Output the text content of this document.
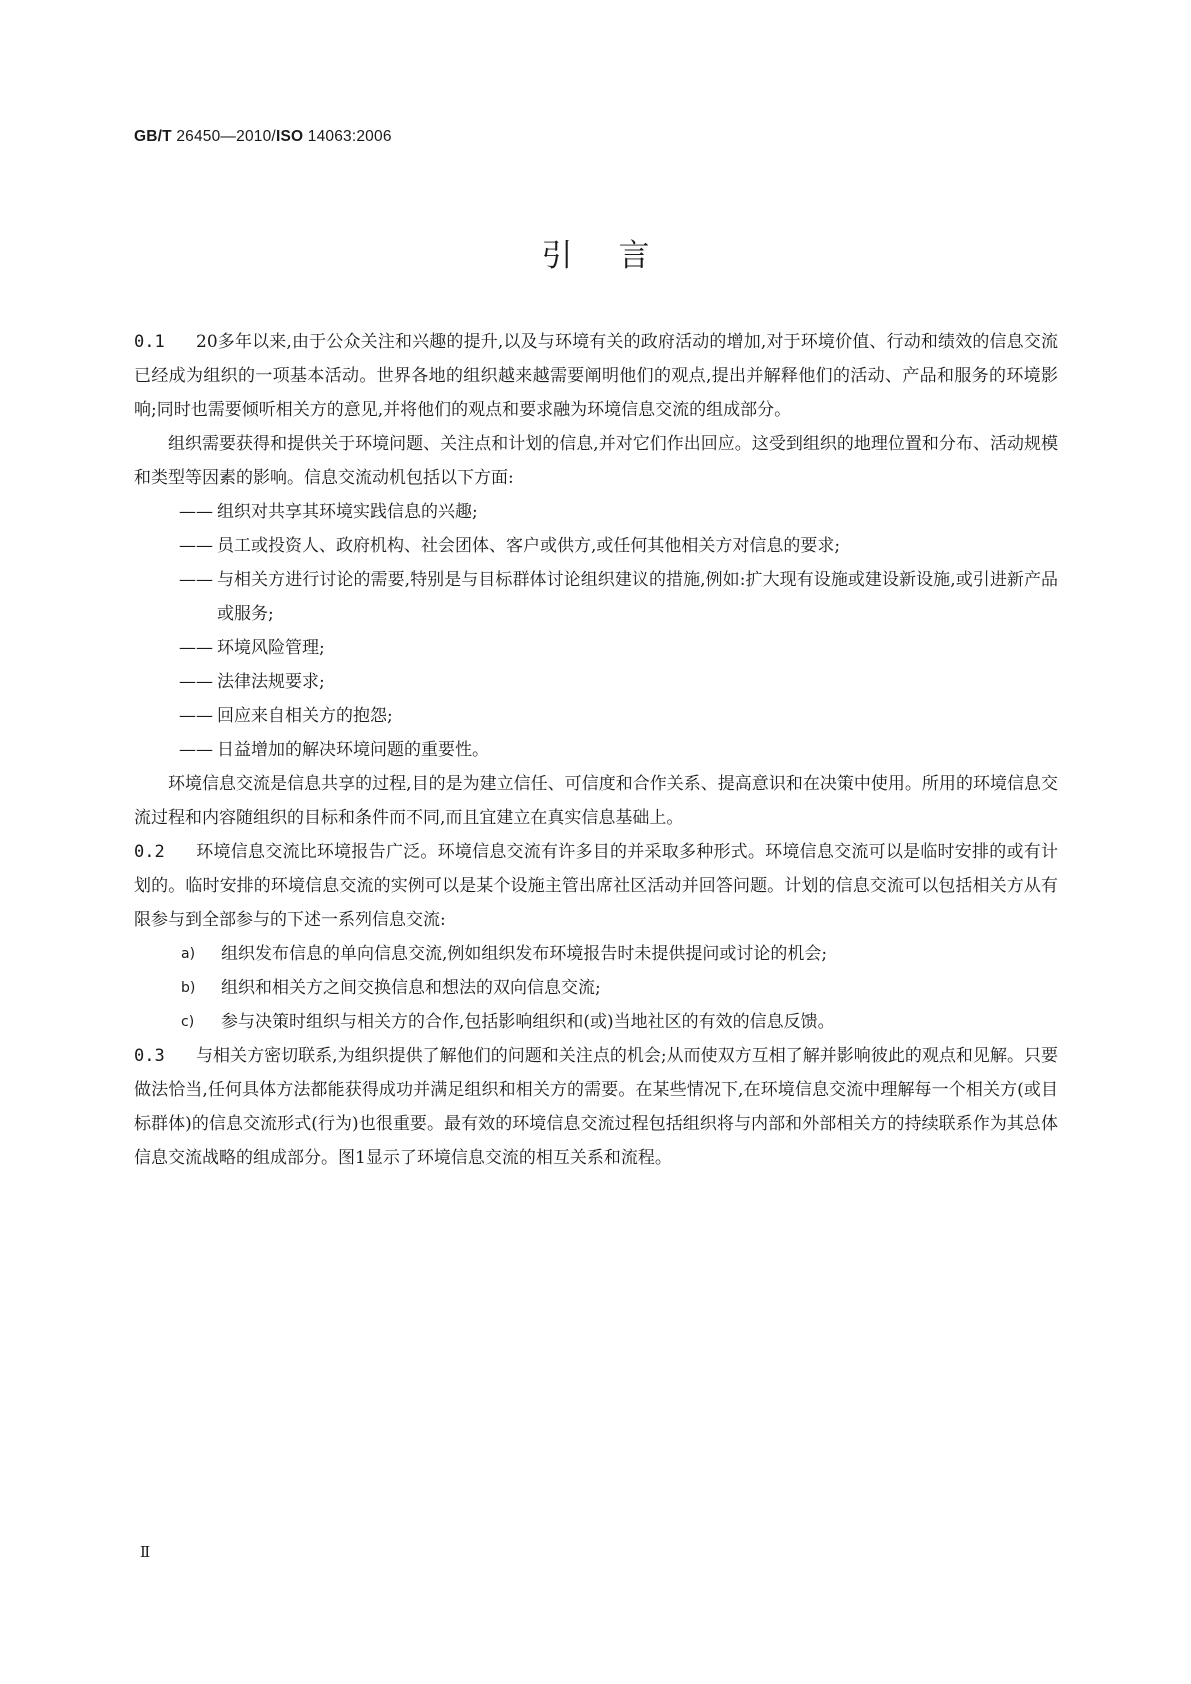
GB/T 26450—2010/ISO 14063:2006
引言

0.1 20多年以来,由于公众关注和兴趣的提升,以及与环境有关的政府活动的增加,对于环境价值、行动和绩效的信息交流已经成为组织的一项基本活动。世界各地的组织越来越需要阐明他们的观点,提出并解释他们的活动、产品和服务的环境影响;同时也需要倾听相关方的意见,并将他们的观点和要求融为环境信息交流的组成部分。

组织需要获得和提供关于环境问题、关注点和计划的信息,并对它们作出回应。这受到组织的地理位置和分布、活动规模和类型等因素的影响。信息交流动机包括以下方面:

—— 组织对共享其环境实践信息的兴趣;
—— 员工或投资人、政府机构、社会团体、客户或供方,或任何其他相关方对信息的要求;
—— 与相关方进行讨论的需要,特别是与目标群体讨论组织建议的措施,例如:扩大现有设施或建设新设施,或引进新产品或服务;
—— 环境风险管理;
—— 法律法规要求;
—— 回应来自相关方的抱怨;
—— 日益增加的解决环境问题的重要性。

环境信息交流是信息共享的过程,目的是为建立信任、可信度和合作关系、提高意识和在决策中使用。所用的环境信息交流过程和内容随组织的目标和条件而不同,而且宜建立在真实信息基础上。

0.2 环境信息交流比环境报告广泛。环境信息交流有许多目的并采取多种形式。环境信息交流可以是临时安排的或有计划的。临时安排的环境信息交流的实例可以是某个设施主管出席社区活动并回答问题。计划的信息交流可以包括相关方从有限参与到全部参与的下述一系列信息交流:

a)	组织发布信息的单向信息交流,例如组织发布环境报告时未提供提问或讨论的机会;
b)	组织和相关方之间交换信息和想法的双向信息交流;
c)	参与决策时组织与相关方的合作,包括影响组织和(或)当地社区的有效的信息反馈。

0.3 与相关方密切联系,为组织提供了解他们的问题和关注点的机会;从而使双方互相了解并影响彼此的观点和见解。只要做法恰当,任何具体方法都能获得成功并满足组织和相关方的需要。在某些情况下,在环境信息交流中理解每一个相关方(或目标群体)的信息交流形式(行为)也很重要。最有效的环境信息交流过程包括组织将与内部和外部相关方的持续联系作为其总体信息交流战略的组成部分。图1显示了环境信息交流的相互关系和流程。

Ⅱ
